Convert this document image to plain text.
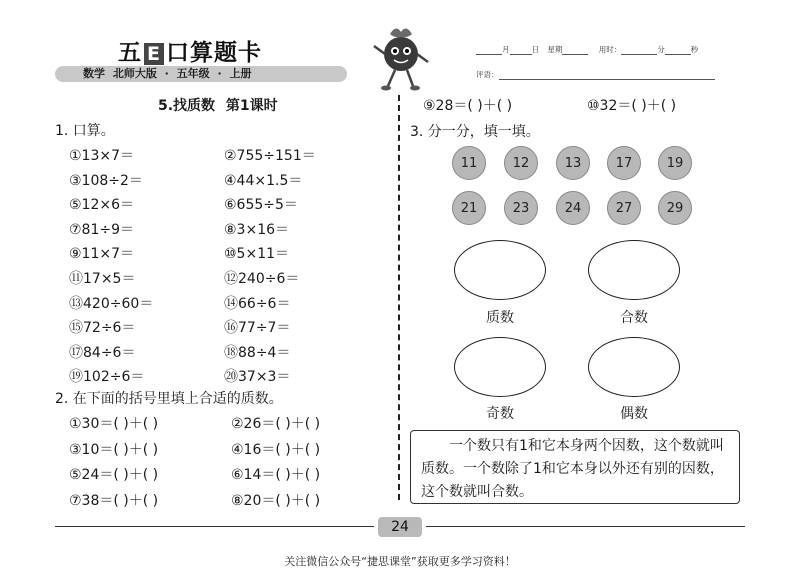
五 E 口算题卡
数学 北师大版 · 五年级 · 上册
月	日 星期	用时：	分	秒
评语：
5.找质数 第1课时
1. 口算。
①13×7＝	②755÷151＝
③108÷2＝	④44×1.5＝
⑤12×6＝	⑥655÷5＝
⑦81÷9＝	⑧3×16＝
⑨11×7＝	⑩5×11＝
⑪17×5＝	⑫240÷6＝
⑬420÷60＝	⑭66÷6＝
⑮72÷6＝	⑯77÷7＝
⑰84÷6＝	⑱88÷4＝
⑲102÷6＝	⑳37×3＝
2. 在下面的括号里填上合适的质数。
①30＝( )＋( )	②26＝( )＋( )
③10＝( )＋( )	④16＝( )＋( )
⑤24＝( )＋( )	⑥14＝( )＋( )
⑦38＝( )＋( )	⑧20＝( )＋( )
⑨28＝( )＋( )	⑩32＝( )＋( )
3. 分一分，填一填。
11	12	13	17	19
21	23	24	27	29
质数	合数
奇数	偶数
一个数只有1和它本身两个因数，这个数就叫质数。一个数除了1和它本身以外还有别的因数，这个数就叫合数。
24
关注微信公众号“捷思课堂”获取更多学习资料！
